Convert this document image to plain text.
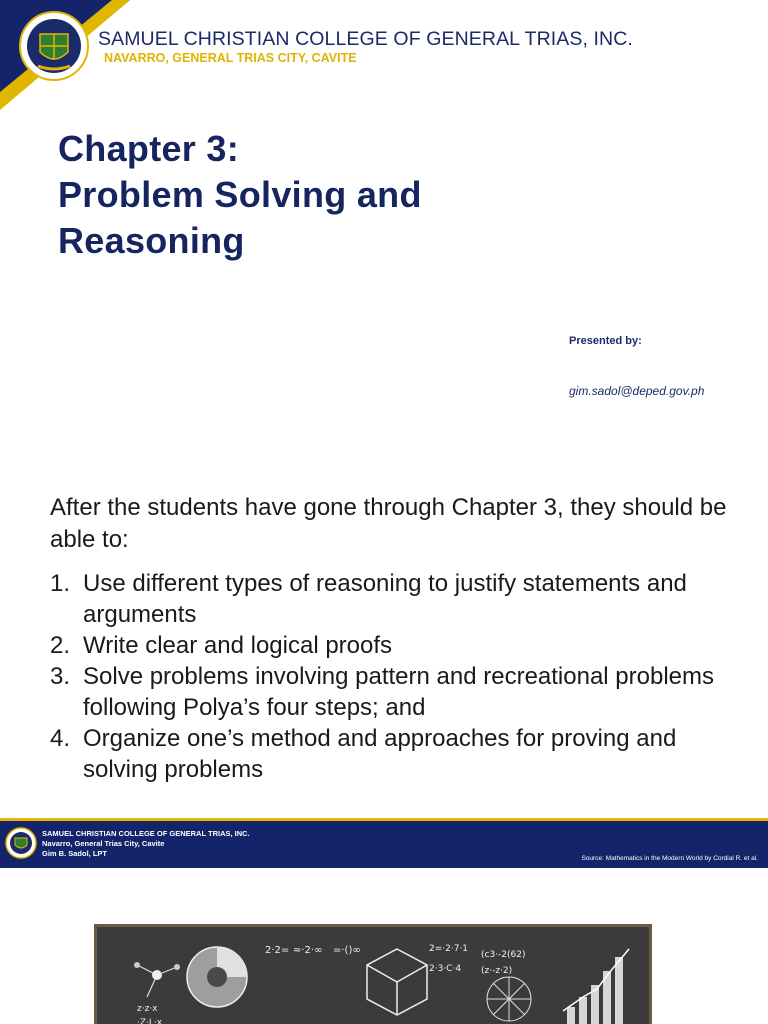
SAMUEL CHRISTIAN COLLEGE OF GENERAL TRIAS, INC.
NAVARRO, GENERAL TRIAS CITY, CAVITE
Chapter 3:
Problem Solving and
Reasoning
Presented by:
gim.sadol@deped.gov.ph
After the students have gone through Chapter 3, they should be able to:
1. Use different types of reasoning to justify statements and arguments
2. Write clear and logical proofs
3. Solve problems involving pattern and recreational problems following Polya’s four steps; and
4. Organize one’s method and approaches for proving and solving problems
SAMUEL CHRISTIAN COLLEGE OF GENERAL TRIAS, INC.
Navarro, General Trias City, Cavite
Gim B. Sadol, LPT
Source: Mathematics in the Modern World by Cordial R. et al.
2·2= ≈·2·∞ =·()∞	2=·2·7·1
(c3·-2(62)
(z·-z·2)
2·3·C·4
z·z·x
·Z·L·x
